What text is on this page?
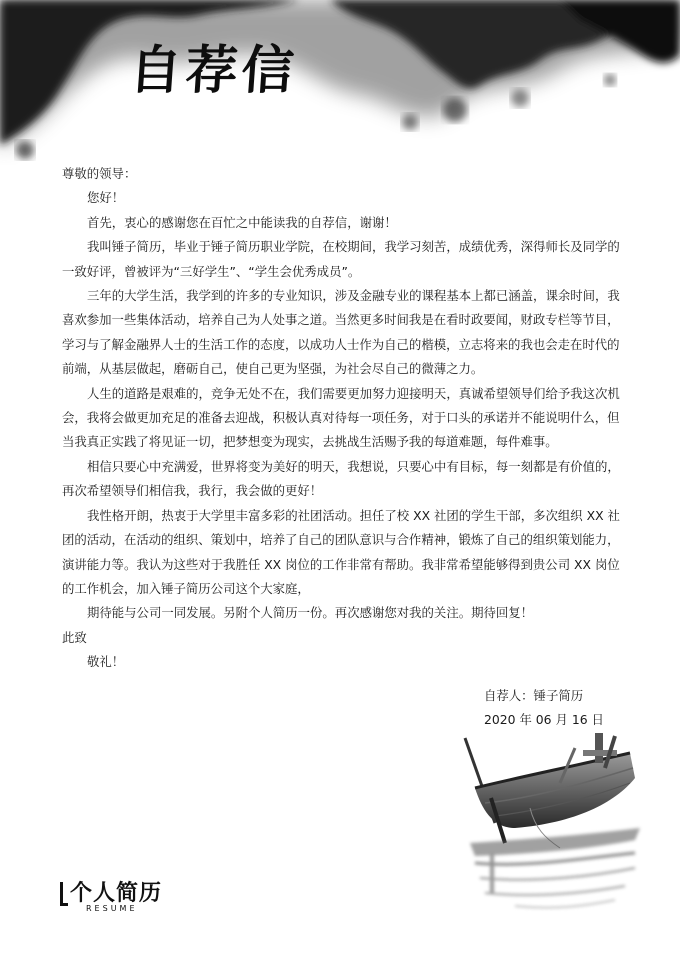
自荐信

尊敬的领导：

您好！

首先，衷心的感谢您在百忙之中能读我的自荐信，谢谢！

我叫锤子简历，毕业于锤子简历职业学院，在校期间，我学习刻苦，成绩优秀，深得师长及同学的一致好评，曾被评为“三好学生”、“学生会优秀成员”。

三年的大学生活，我学到的许多的专业知识，涉及金融专业的课程基本上都已涵盖，课余时间，我喜欢参加一些集体活动，培养自己为人处事之道。当然更多时间我是在看时政要闻，财政专栏等节目，学习与了解金融界人士的生活工作的态度，以成功人士作为自己的楷模，立志将来的我也会走在时代的前端，从基层做起，磨砺自己，使自己更为坚强，为社会尽自己的微薄之力。

人生的道路是艰难的，竞争无处不在，我们需要更加努力迎接明天，真诚希望领导们给予我这次机会，我将会做更加充足的准备去迎战，积极认真对待每一项任务，对于口头的承诺并不能说明什么，但当我真正实践了将见证一切，把梦想变为现实，去挑战生活赐予我的每道难题，每件难事。

相信只要心中充满爱，世界将变为美好的明天，我想说，只要心中有目标，每一刻都是有价值的，再次希望领导们相信我，我行，我会做的更好！

我性格开朗，热衷于大学里丰富多彩的社团活动。担任了校 XX 社团的学生干部，多次组织 XX 社团的活动，在活动的组织、策划中，培养了自己的团队意识与合作精神，锻炼了自己的组织策划能力，演讲能力等。我认为这些对于我胜任 XX 岗位的工作非常有帮助。我非常希望能够得到贵公司 XX 岗位的工作机会，加入锤子简历公司这个大家庭，

期待能与公司一同发展。另附个人简历一份。再次感谢您对我的关注。期待回复！

此致

敬礼！

自荐人：锤子简历
2020 年 06 月 16 日
个人简历
RESUME
